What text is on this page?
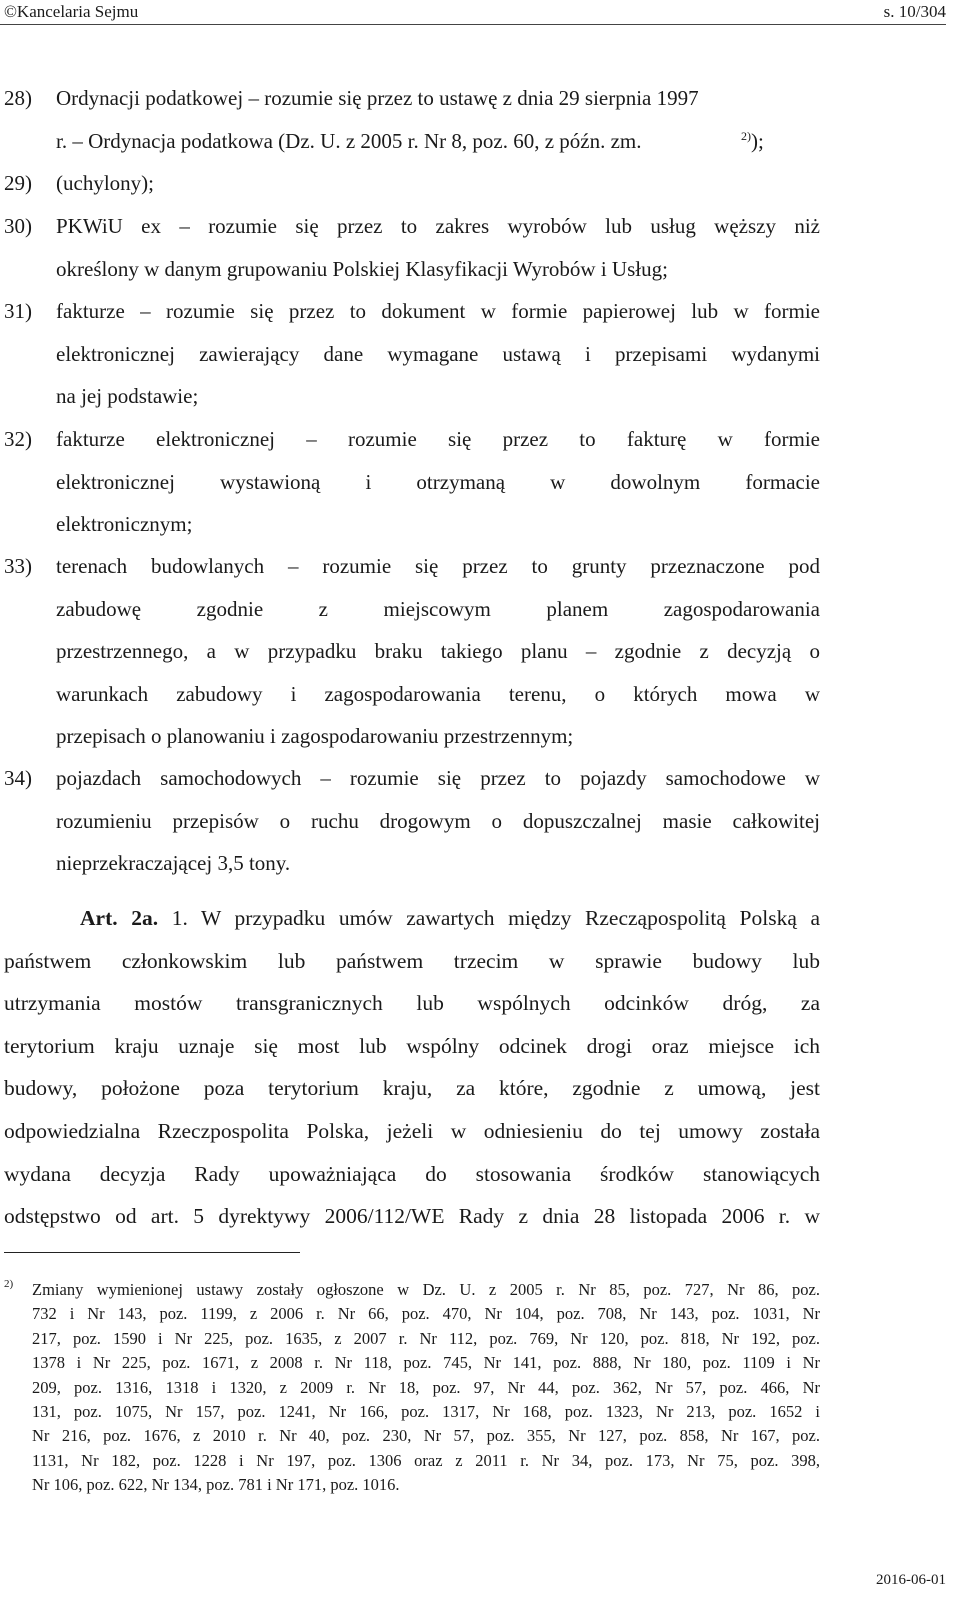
©Kancelaria Sejmu	s. 10/304
28)	Ordynacji podatkowej – rozumie się przez to ustawę z dnia 29 sierpnia 1997
r. – Ordynacja podatkowa (Dz. U. z 2005 r. Nr 8, poz. 60, z późn. zm.	$^{2)}$);
29)	(uchylony);
30)	PKWiU ex – rozumie się przez to zakres wyrobów lub usług węższy niż
określony w danym grupowaniu Polskiej Klasyfikacji Wyrobów i Usług;
31)	fakturze – rozumie się przez to dokument w formie papierowej lub w formie
elektronicznej zawierający dane wymagane ustawą i przepisami wydanymi
na jej podstawie;
32)	fakturze elektronicznej – rozumie się przez to fakturę w formie
elektronicznej wystawioną i otrzymaną w dowolnym formacie
elektronicznym;
33)	terenach budowlanych – rozumie się przez to grunty przeznaczone pod
zabudowę zgodnie z miejscowym planem zagospodarowania
przestrzennego, a w przypadku braku takiego planu – zgodnie z decyzją o
warunkach zabudowy i zagospodarowania terenu, o których mowa w
przepisach o planowaniu i zagospodarowaniu przestrzennym;
34)	pojazdach samochodowych – rozumie się przez to pojazdy samochodowe w
rozumieniu przepisów o ruchu drogowym o dopuszczalnej masie całkowitej
nieprzekraczającej 3,5 tony.
Art. 2a. 1. W przypadku umów zawartych między Rzecząpospolitą Polską a
państwem członkowskim lub państwem trzecim w sprawie budowy lub
utrzymania mostów transgranicznych lub wspólnych odcinków dróg, za
terytorium kraju uznaje się most lub wspólny odcinek drogi oraz miejsce ich
budowy, położone poza terytorium kraju, za które, zgodnie z umową, jest
odpowiedzialna Rzeczpospolita Polska, jeżeli w odniesieniu do tej umowy została
wydana decyzja Rady upoważniająca do stosowania środków stanowiących
odstępstwo od art. 5 dyrektywy 2006/112/WE Rady z dnia 28 listopada 2006 r. w
2)	Zmiany wymienionej ustawy zostały ogłoszone w Dz. U. z 2005 r. Nr 85, poz. 727, Nr 86, poz.
732 i Nr 143, poz. 1199, z 2006 r. Nr 66, poz. 470, Nr 104, poz. 708, Nr 143, poz. 1031, Nr
217, poz. 1590 i Nr 225, poz. 1635, z 2007 r. Nr 112, poz. 769, Nr 120, poz. 818, Nr 192, poz.
1378 i Nr 225, poz. 1671, z 2008 r. Nr 118, poz. 745, Nr 141, poz. 888, Nr 180, poz. 1109 i Nr
209, poz. 1316, 1318 i 1320, z 2009 r. Nr 18, poz. 97, Nr 44, poz. 362, Nr 57, poz. 466, Nr
131, poz. 1075, Nr 157, poz. 1241, Nr 166, poz. 1317, Nr 168, poz. 1323, Nr 213, poz. 1652 i
Nr 216, poz. 1676, z 2010 r. Nr 40, poz. 230, Nr 57, poz. 355, Nr 127, poz. 858, Nr 167, poz.
1131, Nr 182, poz. 1228 i Nr 197, poz. 1306 oraz z 2011 r. Nr 34, poz. 173, Nr 75, poz. 398,
Nr 106, poz. 622, Nr 134, poz. 781 i Nr 171, poz. 1016.
2016-06-01
